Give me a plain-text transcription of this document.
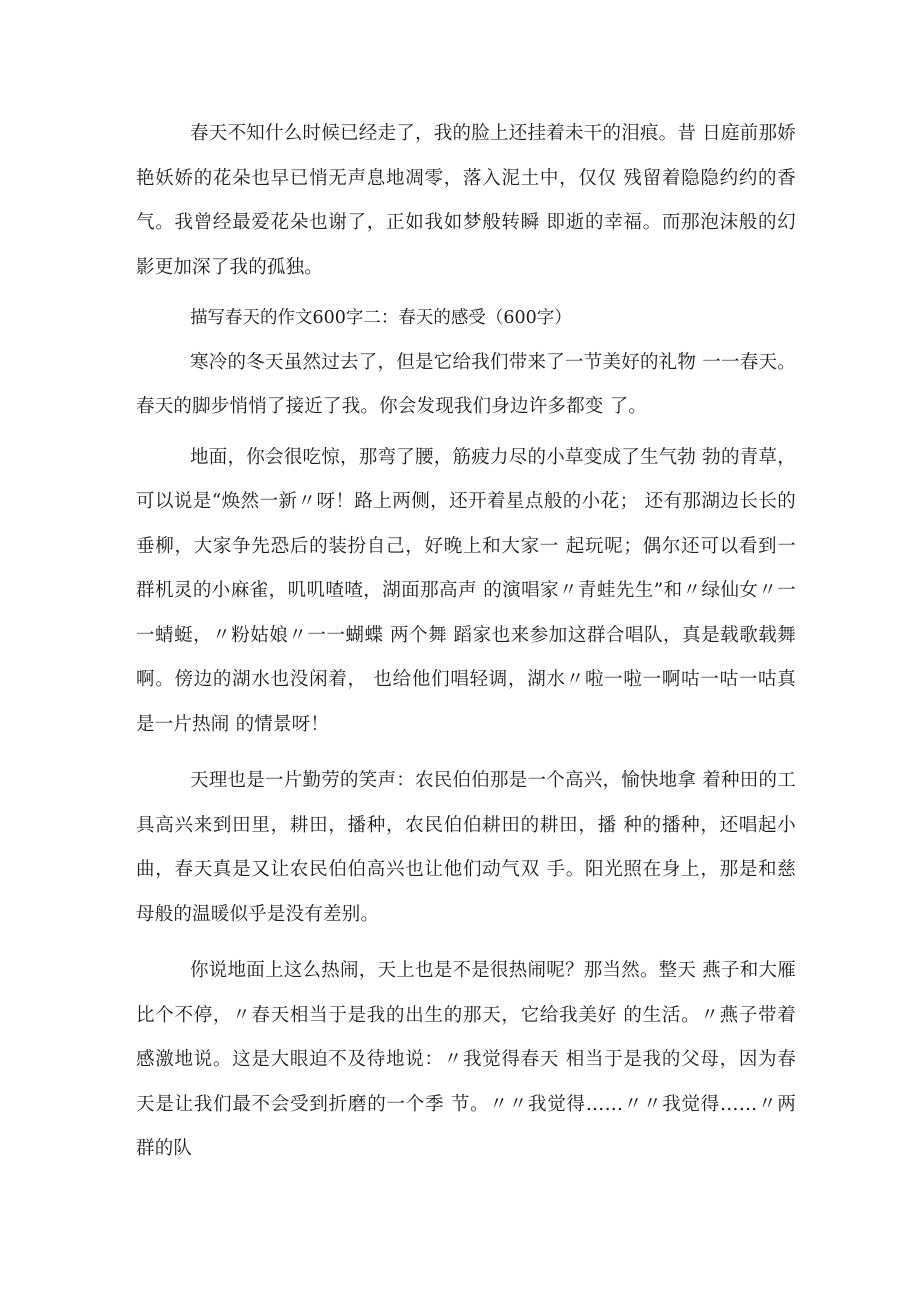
春天不知什么时候已经走了，我的脸上还挂着未干的泪痕。昔 日庭前那娇艳妖娇的花朵也早已悄无声息地凋零，落入泥土中，仅仅 残留着隐隐约约的香气。我曾经最爱花朵也谢了，正如我如梦般转瞬 即逝的幸福。而那泡沫般的幻影更加深了我的孤独。

描写春天的作文600字二：春天的感受（600字）

寒冷的冬天虽然过去了，但是它给我们带来了一节美好的礼物 一一春天。春天的脚步悄悄了接近了我。你会发现我们身边许多都变 了。

地面，你会很吃惊，那弯了腰，筋疲力尽的小草变成了生气勃 勃的青草，可以说是“焕然一新〃呀！路上两侧，还开着星点般的小花； 还有那湖边长长的垂柳，大家争先恐后的装扮自己，好晚上和大家一 起玩呢；偶尔还可以看到一群机灵的小麻雀，叽叽喳喳，湖面那高声 的演唱家〃青蛙先生”和〃绿仙女〃一一蜻蜓，〃粉姑娘〃一一蝴蝶 两个舞 蹈家也来参加这群合唱队，真是载歌载舞啊。傍边的湖水也没闲着， 也给他们唱轻调，湖水〃啦一啦一啊咕一咕一咕真是一片热闹 的情景呀！

天理也是一片勤劳的笑声：农民伯伯那是一个高兴，愉快地拿 着种田的工具高兴来到田里，耕田，播种，农民伯伯耕田的耕田，播 种的播种，还唱起小曲，春天真是又让农民伯伯高兴也让他们动气双 手。阳光照在身上，那是和慈母般的温暖似乎是没有差别。

你说地面上这么热闹，天上也是不是很热闹呢？那当然。整天 燕子和大雁比个不停，〃春天相当于是我的出生的那天，它给我美好 的生活。〃燕子带着感激地说。这是大眼迫不及待地说：〃我觉得春天 相当于是我的父母，因为春天是让我们最不会受到折磨的一个季 节。〃〃我觉得……〃〃我觉得……〃两群的队
